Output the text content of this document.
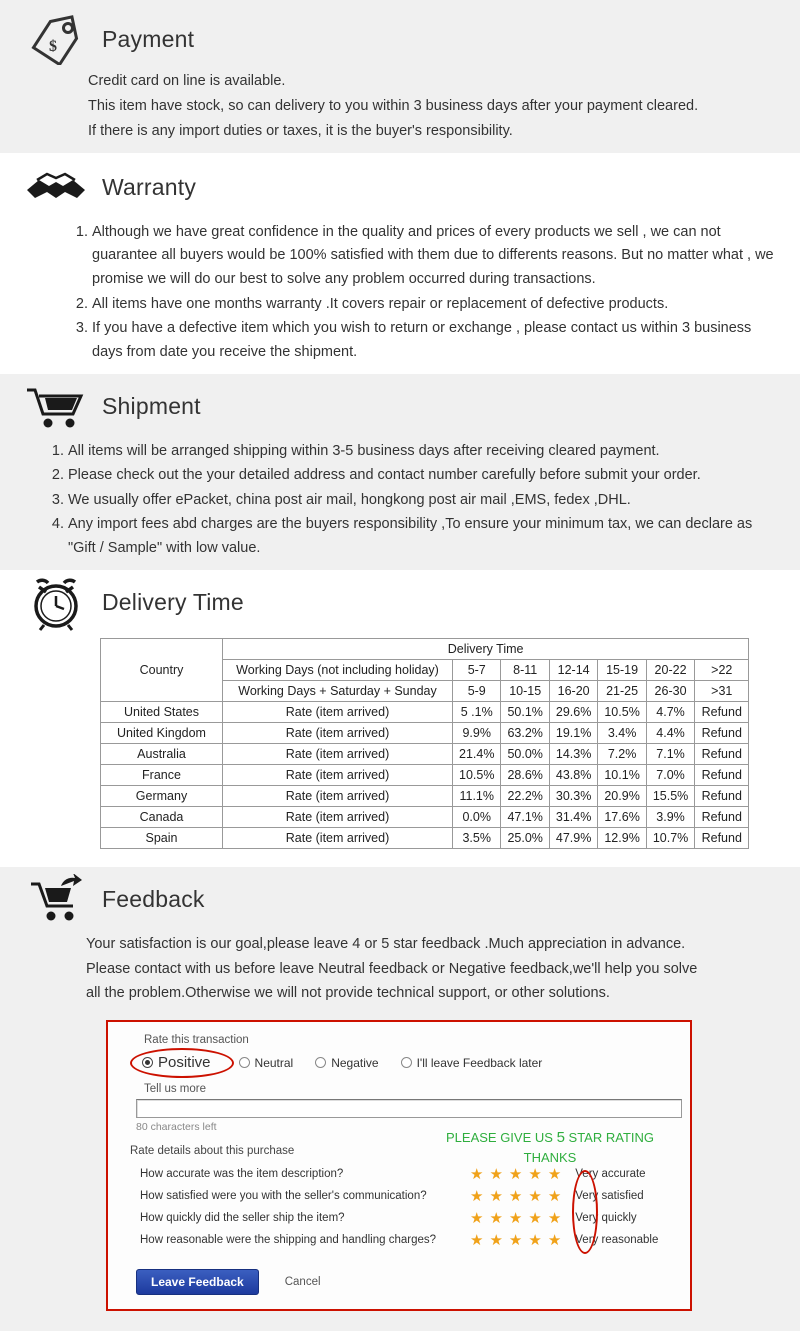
$ Payment
Credit card on line is available.
This item have stock, so can delivery to you within 3 business days after your payment cleared.
If there is any import duties or taxes, it is the buyer's responsibility.
Warranty
1. Although we have great confidence in the quality and prices of every products we sell , we can not guarantee all buyers would be 100% satisfied with them due to differents reasons. But no matter what , we promise we will do our best to solve any problem occurred during transactions.
2. All items have one months warranty .It covers repair or replacement of defective products.
3. If you have a defective item which you wish to return or exchange , please contact us within 3 business days from date you receive the shipment.
Shipment
1. All items will be arranged shipping within 3-5 business days after receiving cleared payment.
2. Please check out the your detailed address and contact number carefully before submit your order.
3. We usually offer ePacket, china post air mail, hongkong post air mail ,EMS, fedex ,DHL.
4. Any import fees abd charges are the buyers responsibility ,To ensure your minimum tax, we can declare as "Gift / Sample" with low value.
Delivery Time
Country	Delivery Time						
	Working Days (not including holiday)	5-7	8-11	12-14	15-19	20-22	>22
	Working Days + Saturday + Sunday	5-9	10-15	16-20	21-25	26-30	>31
United States	Rate (item arrived)	5 .1%	50.1%	29.6%	10.5%	4.7%	Refund
United Kingdom	Rate (item arrived)	9.9%	63.2%	19.1%	3.4%	4.4%	Refund
Australia	Rate (item arrived)	21.4%	50.0%	14.3%	7.2%	7.1%	Refund
France	Rate (item arrived)	10.5%	28.6%	43.8%	10.1%	7.0%	Refund
Germany	Rate (item arrived)	11.1%	22.2%	30.3%	20.9%	15.5%	Refund
Canada	Rate (item arrived)	0.0%	47.1%	31.4%	17.6%	3.9%	Refund
Spain	Rate (item arrived)	3.5%	25.0%	47.9%	12.9%	10.7%	Refund
Feedback
Your satisfaction is our goal,please leave 4 or 5 star feedback .Much appreciation in advance.
Please contact with us before leave Neutral feedback or Negative feedback,we'll help you solve
all the problem.Otherwise we will not provide technical support, or other solutions.
Rate this transaction
Positive	Neutral	Negative	I'll leave Feedback later
Tell us more
80 characters left
Rate details about this purchase
PLEASE GIVE US 5 STAR RATING
THANKS
How accurate was the item description?	★ ★ ★ ★ ★ Very accurate
How satisfied were you with the seller's communication?	★ ★ ★ ★ ★ Very satisfied
How quickly did the seller ship the item?	★ ★ ★ ★ ★ Very quickly
How reasonable were the shipping and handling charges?	★ ★ ★ ★ ★ Very reasonable
Leave Feedback	Cancel
